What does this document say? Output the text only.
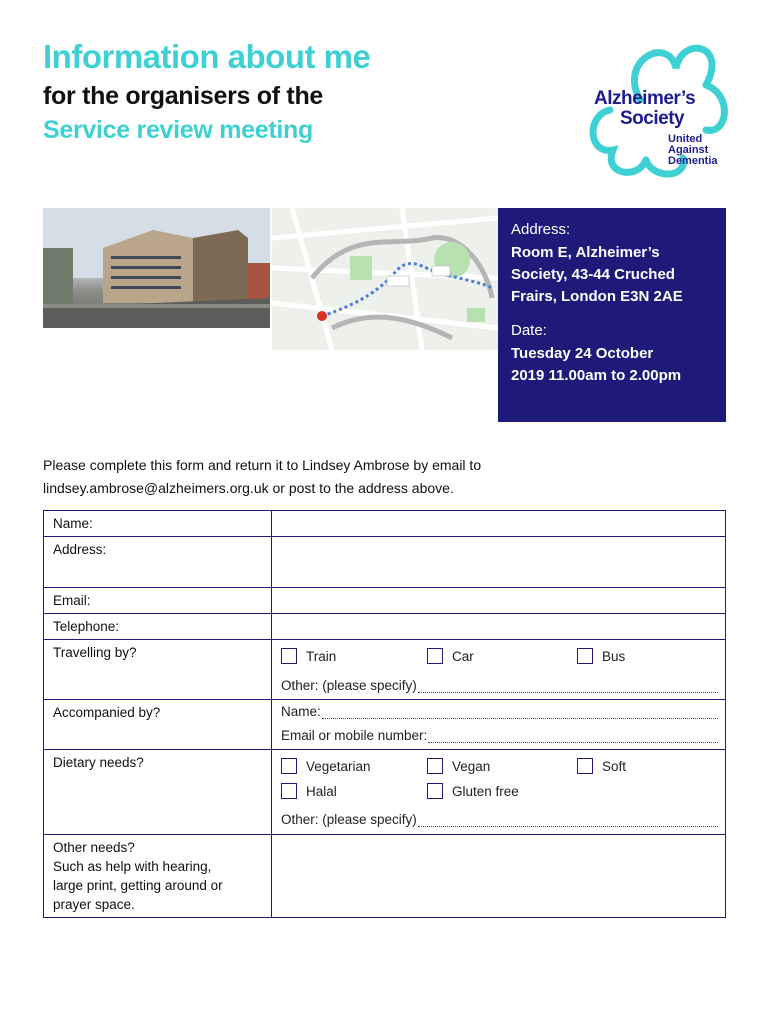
Information about me
for the organisers of the
Service review meeting
Alzheimer’s
Society
United
Against
Dementia
Address:
Room E, Alzheimer’s
Society, 43-44 Cruched
Frairs, London E3N 2AE
Date:
Tuesday 24 October
2019 11.00am to 2.00pm
Please complete this form and return it to Lindsey Ambrose by email to
lindsey.ambrose@alzheimers.org.uk or post to the address above.
Name:
Address:
Email:
Telephone:
Travelling by?	Train	Car	Bus
Other: (please specify)
Accompanied by?	Name:
Email or mobile number:
Dietary needs?	Vegetarian	Vegan	Soft
Halal	Gluten free
Other: (please specify)
Other needs?
Such as help with hearing,
large print, getting around or
prayer space.
